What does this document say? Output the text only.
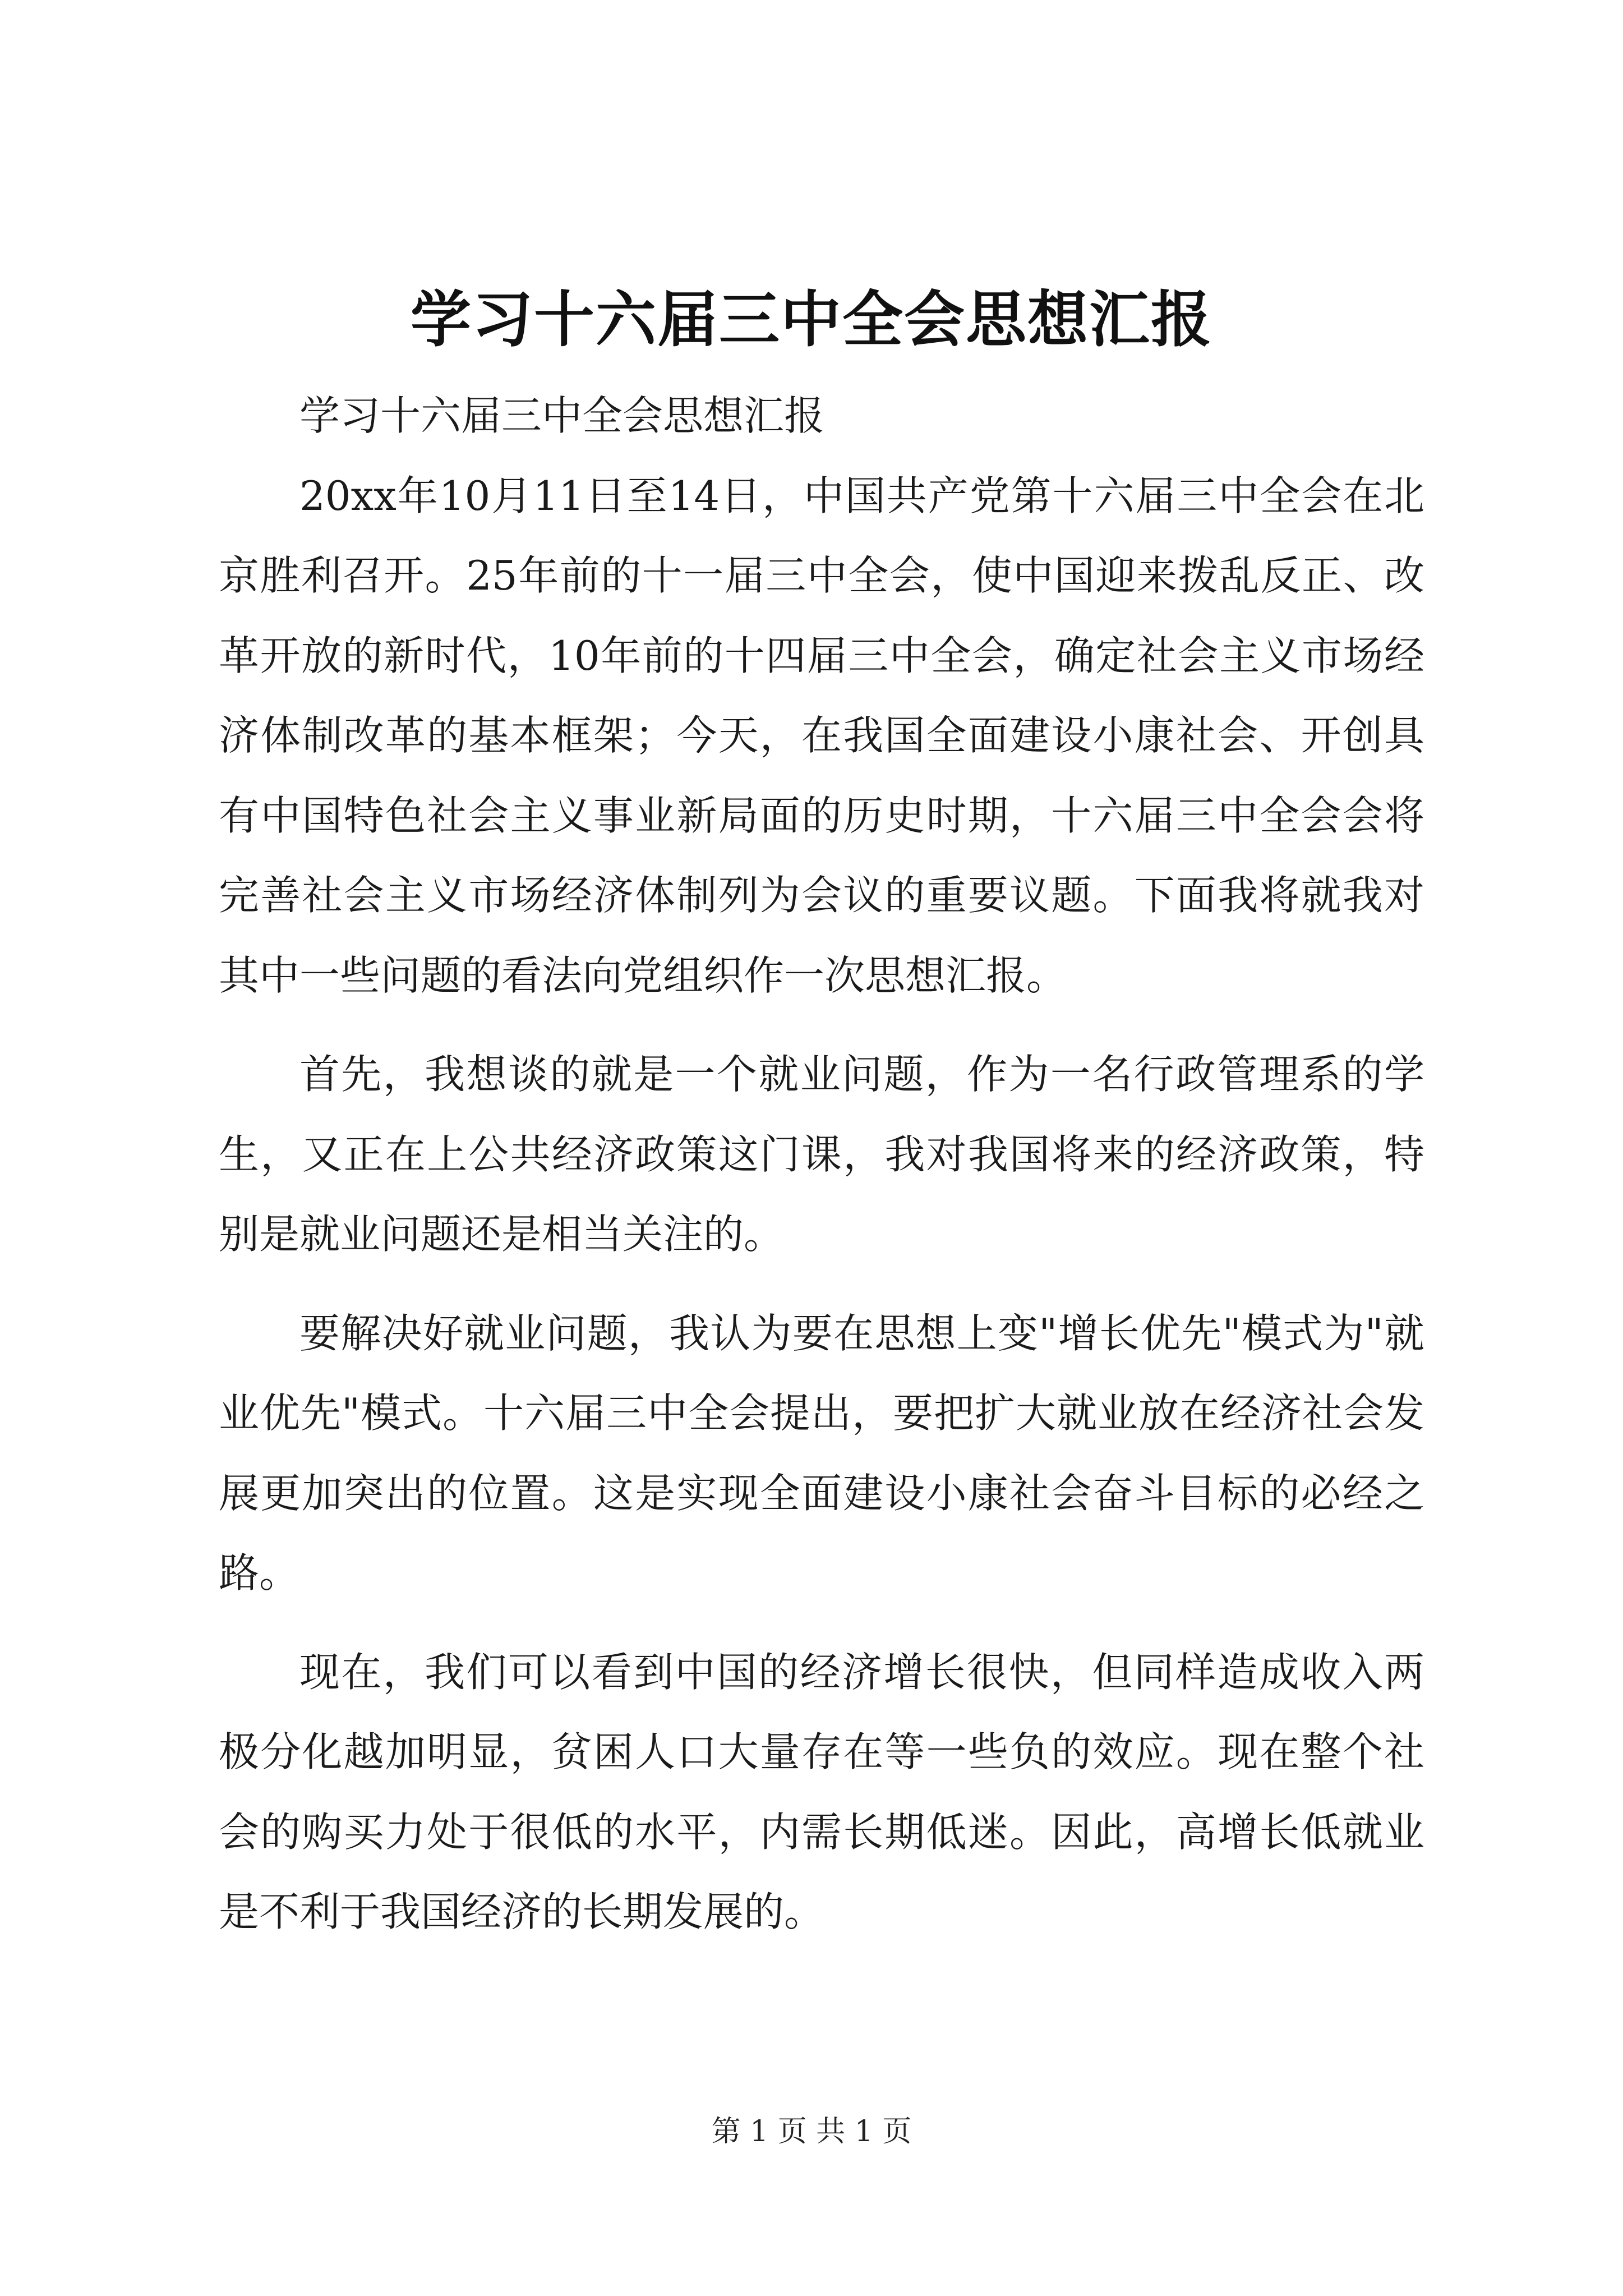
学习十六届三中全会思想汇报

学习十六届三中全会思想汇报

20xx年10月11日至14日，中国共产党第十六届三中全会在北京胜利召开。25年前的十一届三中全会，使中国迎来拨乱反正、改革开放的新时代，10年前的十四届三中全会，确定社会主义市场经济体制改革的基本框架；今天，在我国全面建设小康社会、开创具有中国特色社会主义事业新局面的历史时期，十六届三中全会会将完善社会主义市场经济体制列为会议的重要议题。下面我将就我对其中一些问题的看法向党组织作一次思想汇报。

首先，我想谈的就是一个就业问题，作为一名行政管理系的学生，又正在上公共经济政策这门课，我对我国将来的经济政策，特别是就业问题还是相当关注的。

要解决好就业问题，我认为要在思想上变"增长优先"模式为"就业优先"模式。十六届三中全会提出，要把扩大就业放在经济社会发展更加突出的位置。这是实现全面建设小康社会奋斗目标的必经之路。

现在，我们可以看到中国的经济增长很快，但同样造成收入两极分化越加明显，贫困人口大量存在等一些负的效应。现在整个社会的购买力处于很低的水平，内需长期低迷。因此，高增长低就业是不利于我国经济的长期发展的。

第 1 页 共 1 页
